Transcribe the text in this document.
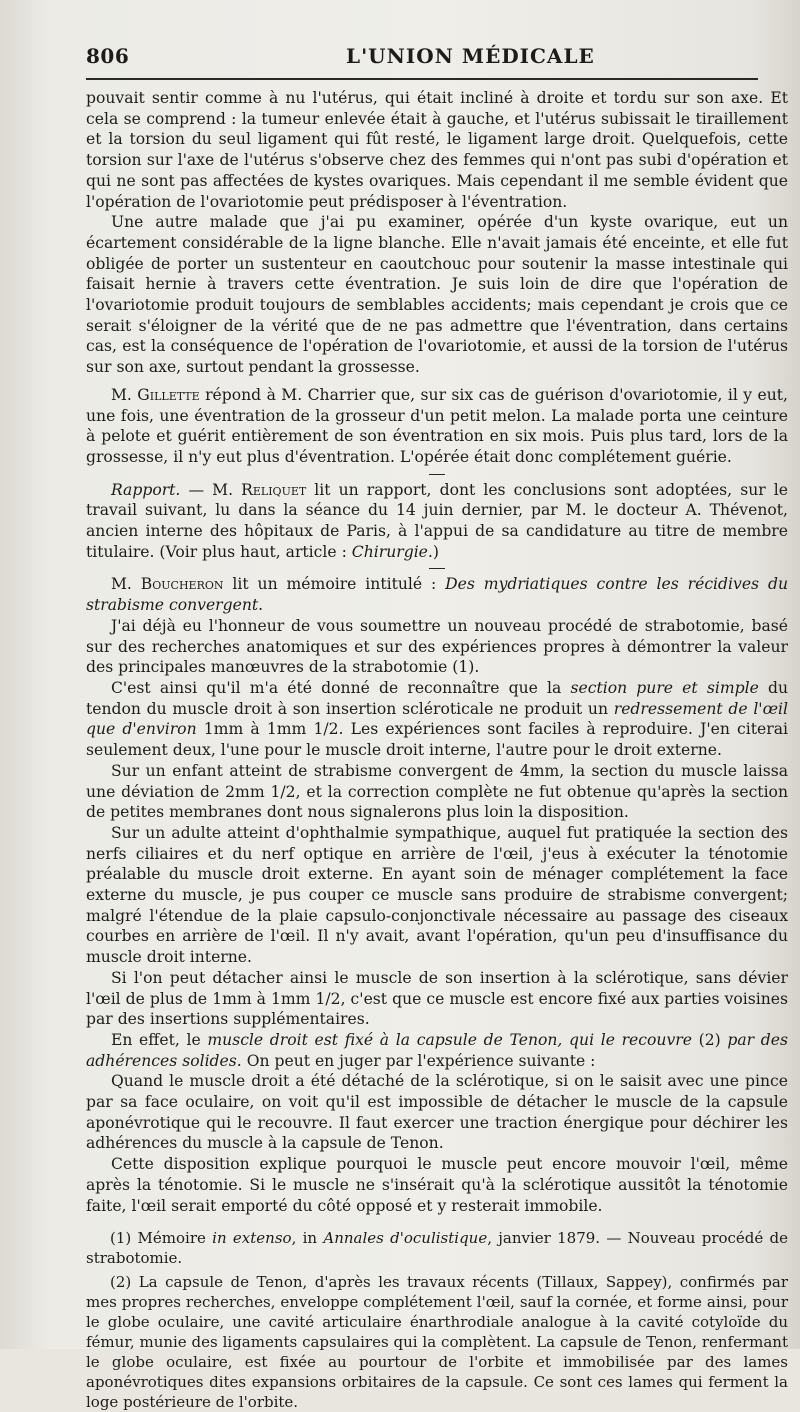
806	L'UNION MÉDICALE

pouvait sentir comme à nu l'utérus, qui était incliné à droite et tordu sur son axe. Et cela se comprend : la tumeur enlevée était à gauche, et l'utérus subissait le tiraillement et la torsion du seul ligament qui fût resté, le ligament large droit. Quelquefois, cette torsion sur l'axe de l'utérus s'observe chez des femmes qui n'ont pas subi d'opération et qui ne sont pas affectées de kystes ovariques. Mais cependant il me semble évident que l'opération de l'ovariotomie peut prédisposer à l'éventration.

Une autre malade que j'ai pu examiner, opérée d'un kyste ovarique, eut un écartement considérable de la ligne blanche. Elle n'avait jamais été enceinte, et elle fut obligée de porter un sustenteur en caoutchouc pour soutenir la masse intestinale qui faisait hernie à travers cette éventration. Je suis loin de dire que l'opération de l'ovariotomie produit toujours de semblables accidents; mais cependant je crois que ce serait s'éloigner de la vérité que de ne pas admettre que l'éventration, dans certains cas, est la conséquence de l'opération de l'ovariotomie, et aussi de la torsion de l'utérus sur son axe, surtout pendant la grossesse.

M. Gillette répond à M. Charrier que, sur six cas de guérison d'ovariotomie, il y eut, une fois, une éventration de la grosseur d'un petit melon. La malade porta une ceinture à pelote et guérit entièrement de son éventration en six mois. Puis plus tard, lors de la grossesse, il n'y eut plus d'éventration. L'opérée était donc complétement guérie.

Rapport. — M. Reliquet lit un rapport, dont les conclusions sont adoptées, sur le travail suivant, lu dans la séance du 14 juin dernier, par M. le docteur A. Thévenot, ancien interne des hôpitaux de Paris, à l'appui de sa candidature au titre de membre titulaire. (Voir plus haut, article : Chirurgie.)

M. Boucheron lit un mémoire intitulé : Des mydriatiques contre les récidives du strabisme convergent.

J'ai déjà eu l'honneur de vous soumettre un nouveau procédé de strabotomie, basé sur des recherches anatomiques et sur des expériences propres à démontrer la valeur des principales manœuvres de la strabotomie (1).

C'est ainsi qu'il m'a été donné de reconnaître que la section pure et simple du tendon du muscle droit à son insertion scléroticale ne produit un redressement de l'œil que d'environ 1mm à 1mm 1/2. Les expériences sont faciles à reproduire. J'en citerai seulement deux, l'une pour le muscle droit interne, l'autre pour le droit externe.

Sur un enfant atteint de strabisme convergent de 4mm, la section du muscle laissa une déviation de 2mm 1/2, et la correction complète ne fut obtenue qu'après la section de petites membranes dont nous signalerons plus loin la disposition.

Sur un adulte atteint d'ophthalmie sympathique, auquel fut pratiquée la section des nerfs ciliaires et du nerf optique en arrière de l'œil, j'eus à exécuter la ténotomie préalable du muscle droit externe. En ayant soin de ménager complétement la face externe du muscle, je pus couper ce muscle sans produire de strabisme convergent; malgré l'étendue de la plaie capsulo-conjonctivale nécessaire au passage des ciseaux courbes en arrière de l'œil. Il n'y avait, avant l'opération, qu'un peu d'insuffisance du muscle droit interne.

Si l'on peut détacher ainsi le muscle de son insertion à la sclérotique, sans dévier l'œil de plus de 1mm à 1mm 1/2, c'est que ce muscle est encore fixé aux parties voisines par des insertions supplémentaires.

En effet, le muscle droit est fixé à la capsule de Tenon, qui le recouvre (2) par des adhérences solides. On peut en juger par l'expérience suivante :

Quand le muscle droit a été détaché de la sclérotique, si on le saisit avec une pince par sa face oculaire, on voit qu'il est impossible de détacher le muscle de la capsule aponévrotique qui le recouvre. Il faut exercer une traction énergique pour déchirer les adhérences du muscle à la capsule de Tenon.

Cette disposition explique pourquoi le muscle peut encore mouvoir l'œil, même après la ténotomie. Si le muscle ne s'insérait qu'à la sclérotique aussitôt la ténotomie faite, l'œil serait emporté du côté opposé et y resterait immobile.

(1) Mémoire in extenso, in Annales d'oculistique, janvier 1879. — Nouveau procédé de strabotomie.

(2) La capsule de Tenon, d'après les travaux récents (Tillaux, Sappey), confirmés par mes propres recherches, enveloppe complétement l'œil, sauf la cornée, et forme ainsi, pour le globe oculaire, une cavité articulaire énarthrodiale analogue à la cavité cotyloïde du fémur, munie des ligaments capsulaires qui la complètent. La capsule de Tenon, renfermant le globe oculaire, est fixée au pourtour de l'orbite et immobilisée par des lames aponévrotiques dites expansions orbitaires de la capsule. Ce sont ces lames qui ferment la loge postérieure de l'orbite.
